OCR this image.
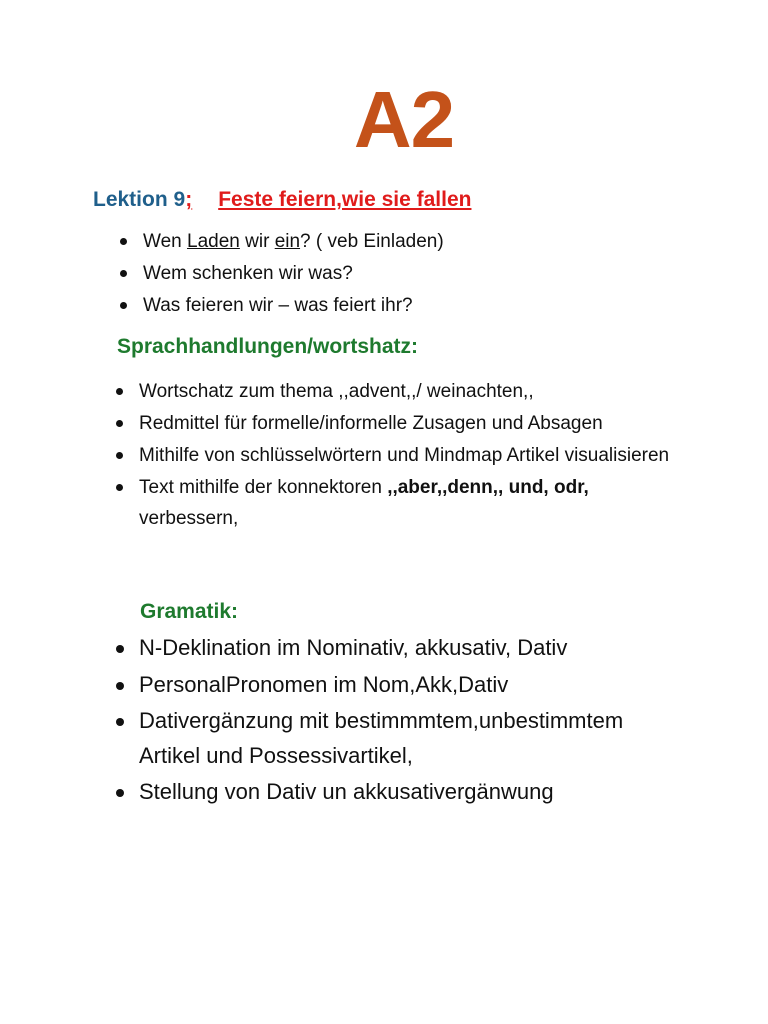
A2
Lektion 9; Feste feiern,wie sie fallen
Wen Laden wir ein? ( veb Einladen)
Wem schenken wir was?
Was feieren wir – was feiert ihr?
Sprachhandlungen/wortshatz:
Wortschatz zum thema ,,advent,,/ weinachten,,
Redmittel für formelle/informelle Zusagen und Absagen
Mithilfe von schlüsselwörtern und Mindmap Artikel visualisieren
Text mithilfe der konnektoren ,,aber,,denn,, und, odr, verbessern,
Gramatik:
N-Deklination im Nominativ, akkusativ, Dativ
PersonalPronomen im Nom,Akk,Dativ
Dativergänzung mit bestimmmtem,unbestimmtem Artikel und Possessivartikel,
Stellung von Dativ un akkusativergänwung
